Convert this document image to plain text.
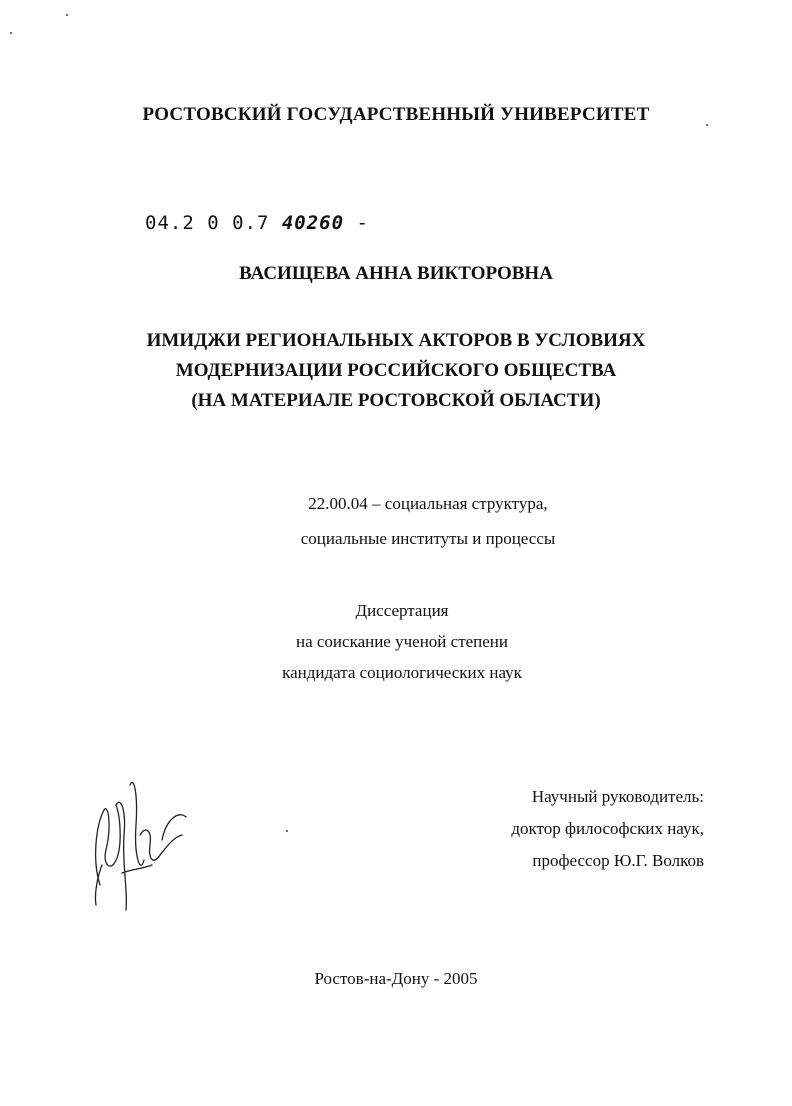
РОСТОВСКИЙ ГОСУДАРСТВЕННЫЙ УНИВЕРСИТЕТ
04.2 0 0.7 40260 -
ВАСИЩЕВА АННА ВИКТОРОВНА
ИМИДЖИ РЕГИОНАЛЬНЫХ АКТОРОВ В УСЛОВИЯХ
МОДЕРНИЗАЦИИ РОССИЙСКОГО ОБЩЕСТВА
(НА МАТЕРИАЛЕ РОСТОВСКОЙ ОБЛАСТИ)
22.00.04 – социальная структура,
социальные институты и процессы
Диссертация
на соискание ученой степени
кандидата социологических наук
Научный руководитель:
доктор философских наук,
профессор Ю.Г. Волков
Ростов-на-Дону - 2005
